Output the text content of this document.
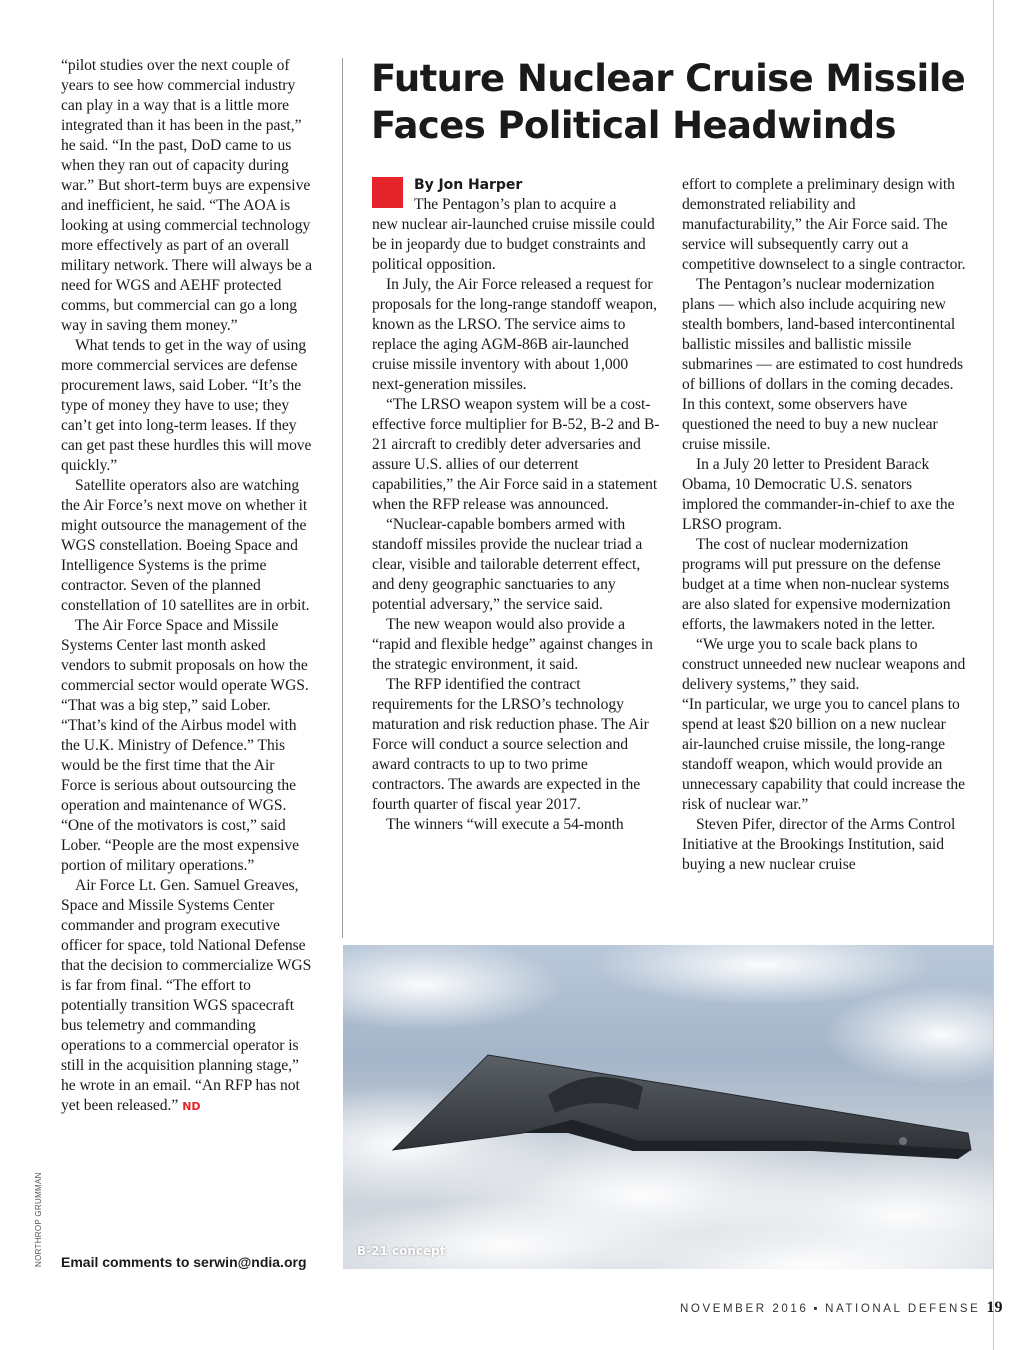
“pilot studies over the next couple of years to see how commercial industry can play in a way that is a little more integrated than it has been in the past,” he said. “In the past, DoD came to us when they ran out of capacity during war.” But short-term buys are expensive and inefficient, he said. “The AOA is looking at using commercial technology more effectively as part of an overall military network. There will always be a need for WGS and AEHF protected comms, but commercial can go a long way in saving them money.”

What tends to get in the way of using more commercial services are defense procurement laws, said Lober. “It’s the type of money they have to use; they can’t get into long-term leases. If they can get past these hurdles this will move quickly.”

Satellite operators also are watching the Air Force’s next move on whether it might outsource the management of the WGS constellation. Boeing Space and Intelligence Systems is the prime contractor. Seven of the planned constellation of 10 satellites are in orbit.

The Air Force Space and Missile Systems Center last month asked vendors to submit proposals on how the commercial sector would operate WGS. “That was a big step,” said Lober. “That’s kind of the Airbus model with the U.K. Ministry of Defence.” This would be the first time that the Air Force is serious about outsourcing the operation and maintenance of WGS. “One of the motivators is cost,” said Lober. “People are the most expensive portion of military operations.”

Air Force Lt. Gen. Samuel Greaves, Space and Missile Systems Center commander and program executive officer for space, told National Defense that the decision to commercialize WGS is far from final. “The effort to potentially transition WGS spacecraft bus telemetry and commanding operations to a commercial operator is still in the acquisition planning stage,” he wrote in an email. “An RFP has not yet been released.” ND

Email comments to serwin@ndia.org
NORTHROP GRUMMAN
Future Nuclear Cruise Missile Faces Political Headwinds
By Jon Harper
The Pentagon’s plan to acquire a

new nuclear air-launched cruise missile could be in jeopardy due to budget constraints and political opposition.

In July, the Air Force released a request for proposals for the long-range standoff weapon, known as the LRSO. The service aims to replace the aging AGM-86B air-launched cruise missile inventory with about 1,000 next-generation missiles.

“The LRSO weapon system will be a cost-effective force multiplier for B-52, B-2 and B-21 aircraft to credibly deter adversaries and assure U.S. allies of our deterrent capabilities,” the Air Force said in a statement when the RFP release was announced.

“Nuclear-capable bombers armed with standoff missiles provide the nuclear triad a clear, visible and tailorable deterrent effect, and deny geographic sanctuaries to any potential adversary,” the service said.

The new weapon would also provide a “rapid and flexible hedge” against changes in the strategic environment, it said.

The RFP identified the contract requirements for the LRSO’s technology maturation and risk reduction phase. The Air Force will conduct a source selection and award contracts to up to two prime contractors. The awards are expected in the fourth quarter of fiscal year 2017.

The winners “will execute a 54-month

effort to complete a preliminary design with demonstrated reliability and manufacturability,” the Air Force said. The service will subsequently carry out a competitive downselect to a single contractor.

The Pentagon’s nuclear modernization plans — which also include acquiring new stealth bombers, land-based intercontinental ballistic missiles and ballistic missile submarines — are estimated to cost hundreds of billions of dollars in the coming decades. In this context, some observers have questioned the need to buy a new nuclear cruise missile.

In a July 20 letter to President Barack Obama, 10 Democratic U.S. senators implored the commander-in-chief to axe the LRSO program.

The cost of nuclear modernization programs will put pressure on the defense budget at a time when non-nuclear systems are also slated for expensive modernization efforts, the lawmakers noted in the letter.

“We urge you to scale back plans to construct unneeded new nuclear weapons and delivery systems,” they said.

“In particular, we urge you to cancel plans to spend at least $20 billion on a new nuclear air-launched cruise missile, the long-range standoff weapon, which would provide an unnecessary capability that could increase the risk of nuclear war.”

Steven Pifer, director of the Arms Control Initiative at the Brookings Institution, said buying a new nuclear cruise

B-21 concept
NOVEMBER 2016 ▪ NATIONAL DEFENSE 19
